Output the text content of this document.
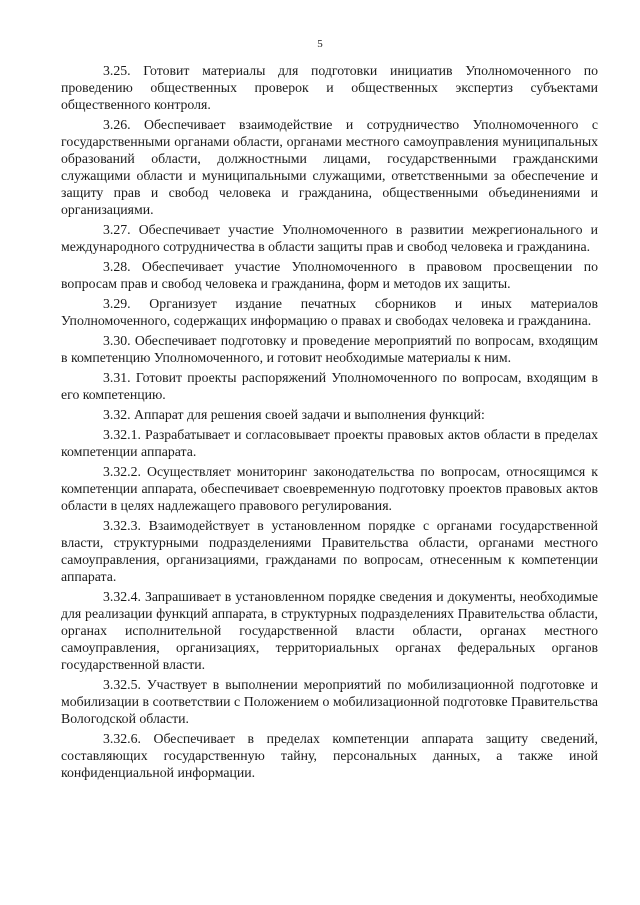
5

3.25. Готовит материалы для подготовки инициатив Уполномоченного по проведению общественных проверок и общественных экспертиз субъектами общественного контроля.

3.26. Обеспечивает взаимодействие и сотрудничество Уполномоченного с государственными органами области, органами местного самоуправления муниципальных образований области, должностными лицами, государственными гражданскими служащими области и муниципальными служащими, ответственными за обеспечение и защиту прав и свобод человека и гражданина, общественными объединениями и организациями.

3.27. Обеспечивает участие Уполномоченного в развитии межрегионального и международного сотрудничества в области защиты прав и свобод человека и гражданина.

3.28. Обеспечивает участие Уполномоченного в правовом просвещении по вопросам прав и свобод человека и гражданина, форм и методов их защиты.

3.29. Организует издание печатных сборников и иных материалов Уполномоченного, содержащих информацию о правах и свободах человека и гражданина.

3.30. Обеспечивает подготовку и проведение мероприятий по вопросам, входящим в компетенцию Уполномоченного, и готовит необходимые материалы к ним.

3.31. Готовит проекты распоряжений Уполномоченного по вопросам, входящим в его компетенцию.

3.32. Аппарат для решения своей задачи и выполнения функций:

3.32.1. Разрабатывает и согласовывает проекты правовых актов области в пределах компетенции аппарата.

3.32.2. Осуществляет мониторинг законодательства по вопросам, относящимся к компетенции аппарата, обеспечивает своевременную подготовку проектов правовых актов области в целях надлежащего правового регулирования.

3.32.3. Взаимодействует в установленном порядке с органами государственной власти, структурными подразделениями Правительства области, органами местного самоуправления, организациями, гражданами по вопросам, отнесенным к компетенции аппарата.

3.32.4. Запрашивает в установленном порядке сведения и документы, необходимые для реализации функций аппарата, в структурных подразделениях Правительства области, органах исполнительной государственной власти области, органах местного самоуправления, организациях, территориальных органах федеральных органов государственной власти.

3.32.5. Участвует в выполнении мероприятий по мобилизационной подготовке и мобилизации в соответствии с Положением о мобилизационной подготовке Правительства Вологодской области.

3.32.6. Обеспечивает в пределах компетенции аппарата защиту сведений, составляющих государственную тайну, персональных данных, а также иной конфиденциальной информации.
